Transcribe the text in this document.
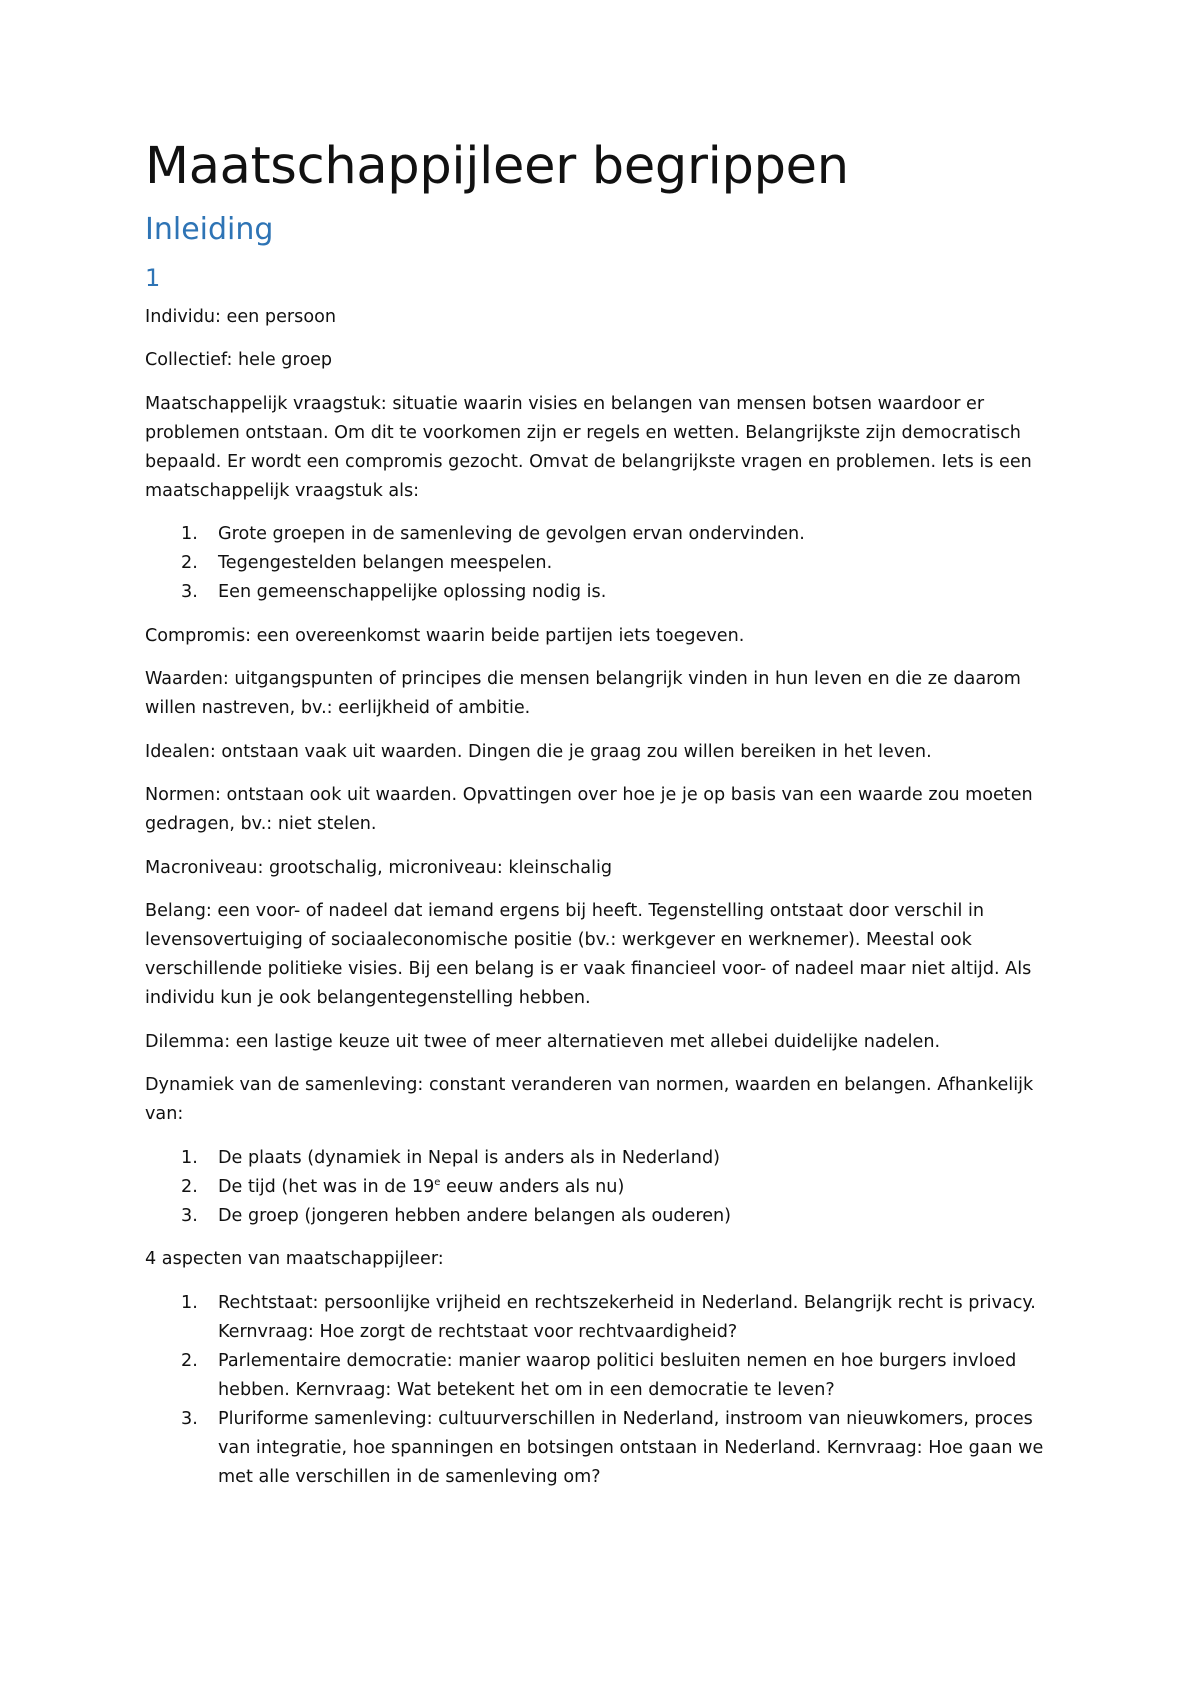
Maatschappijleer begrippen
Inleiding
1

Individu: een persoon

Collectief: hele groep

Maatschappelijk vraagstuk: situatie waarin visies en belangen van mensen botsen waardoor er problemen ontstaan. Om dit te voorkomen zijn er regels en wetten. Belangrijkste zijn democratisch bepaald. Er wordt een compromis gezocht. Omvat de belangrijkste vragen en problemen. Iets is een maatschappelijk vraagstuk als:

1. Grote groepen in de samenleving de gevolgen ervan ondervinden.
2. Tegengestelden belangen meespelen.
3. Een gemeenschappelijke oplossing nodig is.

Compromis: een overeenkomst waarin beide partijen iets toegeven.

Waarden: uitgangspunten of principes die mensen belangrijk vinden in hun leven en die ze daarom willen nastreven, bv.: eerlijkheid of ambitie.

Idealen: ontstaan vaak uit waarden. Dingen die je graag zou willen bereiken in het leven.

Normen: ontstaan ook uit waarden. Opvattingen over hoe je je op basis van een waarde zou moeten gedragen, bv.: niet stelen.

Macroniveau: grootschalig, microniveau: kleinschalig

Belang: een voor- of nadeel dat iemand ergens bij heeft. Tegenstelling ontstaat door verschil in levensovertuiging of sociaaleconomische positie (bv.: werkgever en werknemer). Meestal ook verschillende politieke visies. Bij een belang is er vaak financieel voor- of nadeel maar niet altijd. Als individu kun je ook belangentegenstelling hebben.

Dilemma: een lastige keuze uit twee of meer alternatieven met allebei duidelijke nadelen.

Dynamiek van de samenleving: constant veranderen van normen, waarden en belangen. Afhankelijk van:

1. De plaats (dynamiek in Nepal is anders als in Nederland)
2. De tijd (het was in de 19e eeuw anders als nu)
3. De groep (jongeren hebben andere belangen als ouderen)

4 aspecten van maatschappijleer:

1. Rechtstaat: persoonlijke vrijheid en rechtszekerheid in Nederland. Belangrijk recht is privacy. Kernvraag: Hoe zorgt de rechtstaat voor rechtvaardigheid?
2. Parlementaire democratie: manier waarop politici besluiten nemen en hoe burgers invloed hebben. Kernvraag: Wat betekent het om in een democratie te leven?
3. Pluriforme samenleving: cultuurverschillen in Nederland, instroom van nieuwkomers, proces van integratie, hoe spanningen en botsingen ontstaan in Nederland. Kernvraag: Hoe gaan we met alle verschillen in de samenleving om?
